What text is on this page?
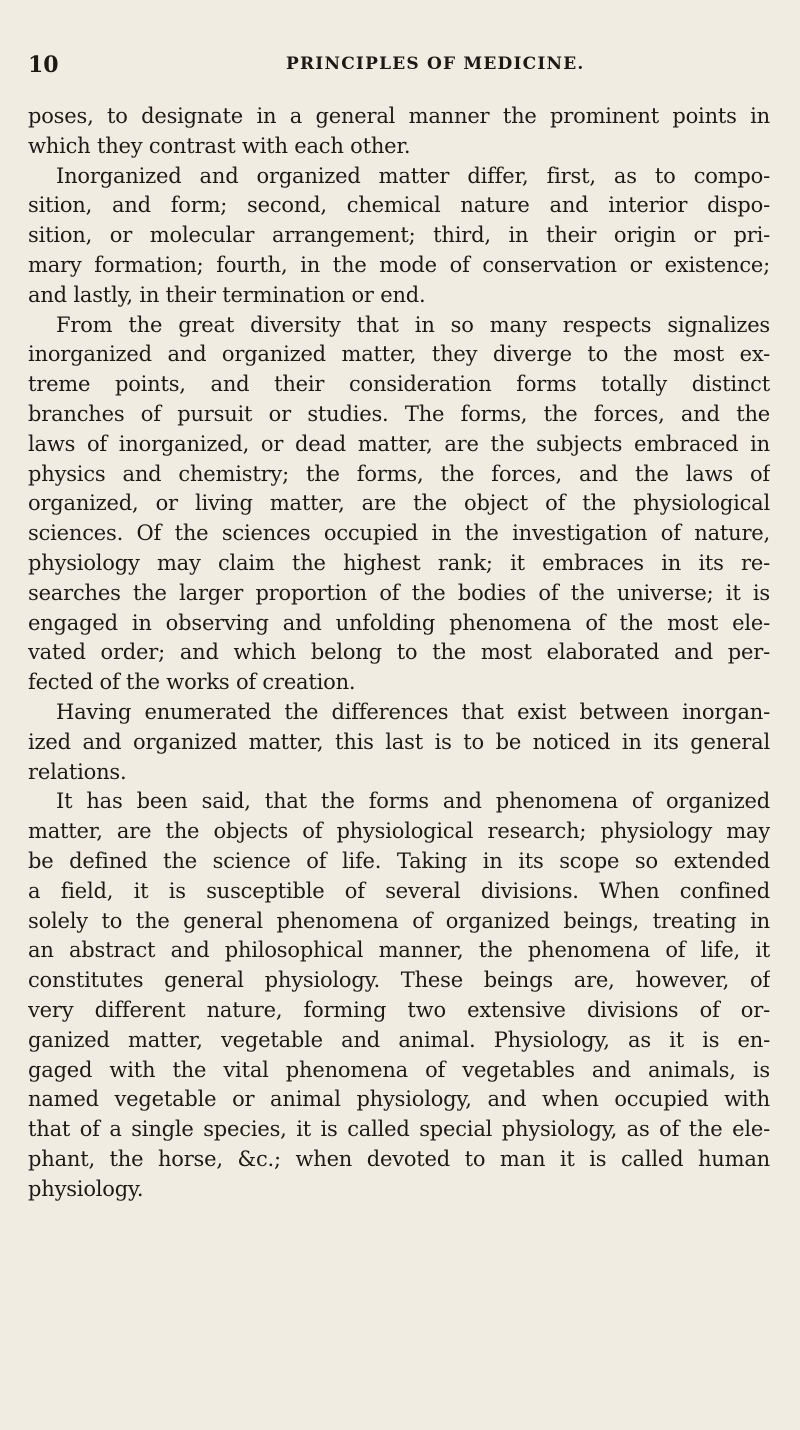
10	PRINCIPLES OF MEDICINE.
poses, to designate in a general manner the prominent points in
which they contrast with each other.
Inorganized and organized matter differ, first, as to compo-
sition, and form; second, chemical nature and interior dispo-
sition, or molecular arrangement; third, in their origin or pri-
mary formation; fourth, in the mode of conservation or existence;
and lastly, in their termination or end.
From the great diversity that in so many respects signalizes
inorganized and organized matter, they diverge to the most ex-
treme points, and their consideration forms totally distinct
branches of pursuit or studies. The forms, the forces, and the
laws of inorganized, or dead matter, are the subjects embraced in
physics and chemistry; the forms, the forces, and the laws of
organized, or living matter, are the object of the physiological
sciences. Of the sciences occupied in the investigation of nature,
physiology may claim the highest rank; it embraces in its re-
searches the larger proportion of the bodies of the universe; it is
engaged in observing and unfolding phenomena of the most ele-
vated order; and which belong to the most elaborated and per-
fected of the works of creation.
Having enumerated the differences that exist between inorgan-
ized and organized matter, this last is to be noticed in its general
relations.
It has been said, that the forms and phenomena of organized
matter, are the objects of physiological research; physiology may
be defined the science of life. Taking in its scope so extended
a field, it is susceptible of several divisions. When confined
solely to the general phenomena of organized beings, treating in
an abstract and philosophical manner, the phenomena of life, it
constitutes general physiology. These beings are, however, of
very different nature, forming two extensive divisions of or-
ganized matter, vegetable and animal. Physiology, as it is en-
gaged with the vital phenomena of vegetables and animals, is
named vegetable or animal physiology, and when occupied with
that of a single species, it is called special physiology, as of the ele-
phant, the horse, &c.; when devoted to man it is called human
physiology.
